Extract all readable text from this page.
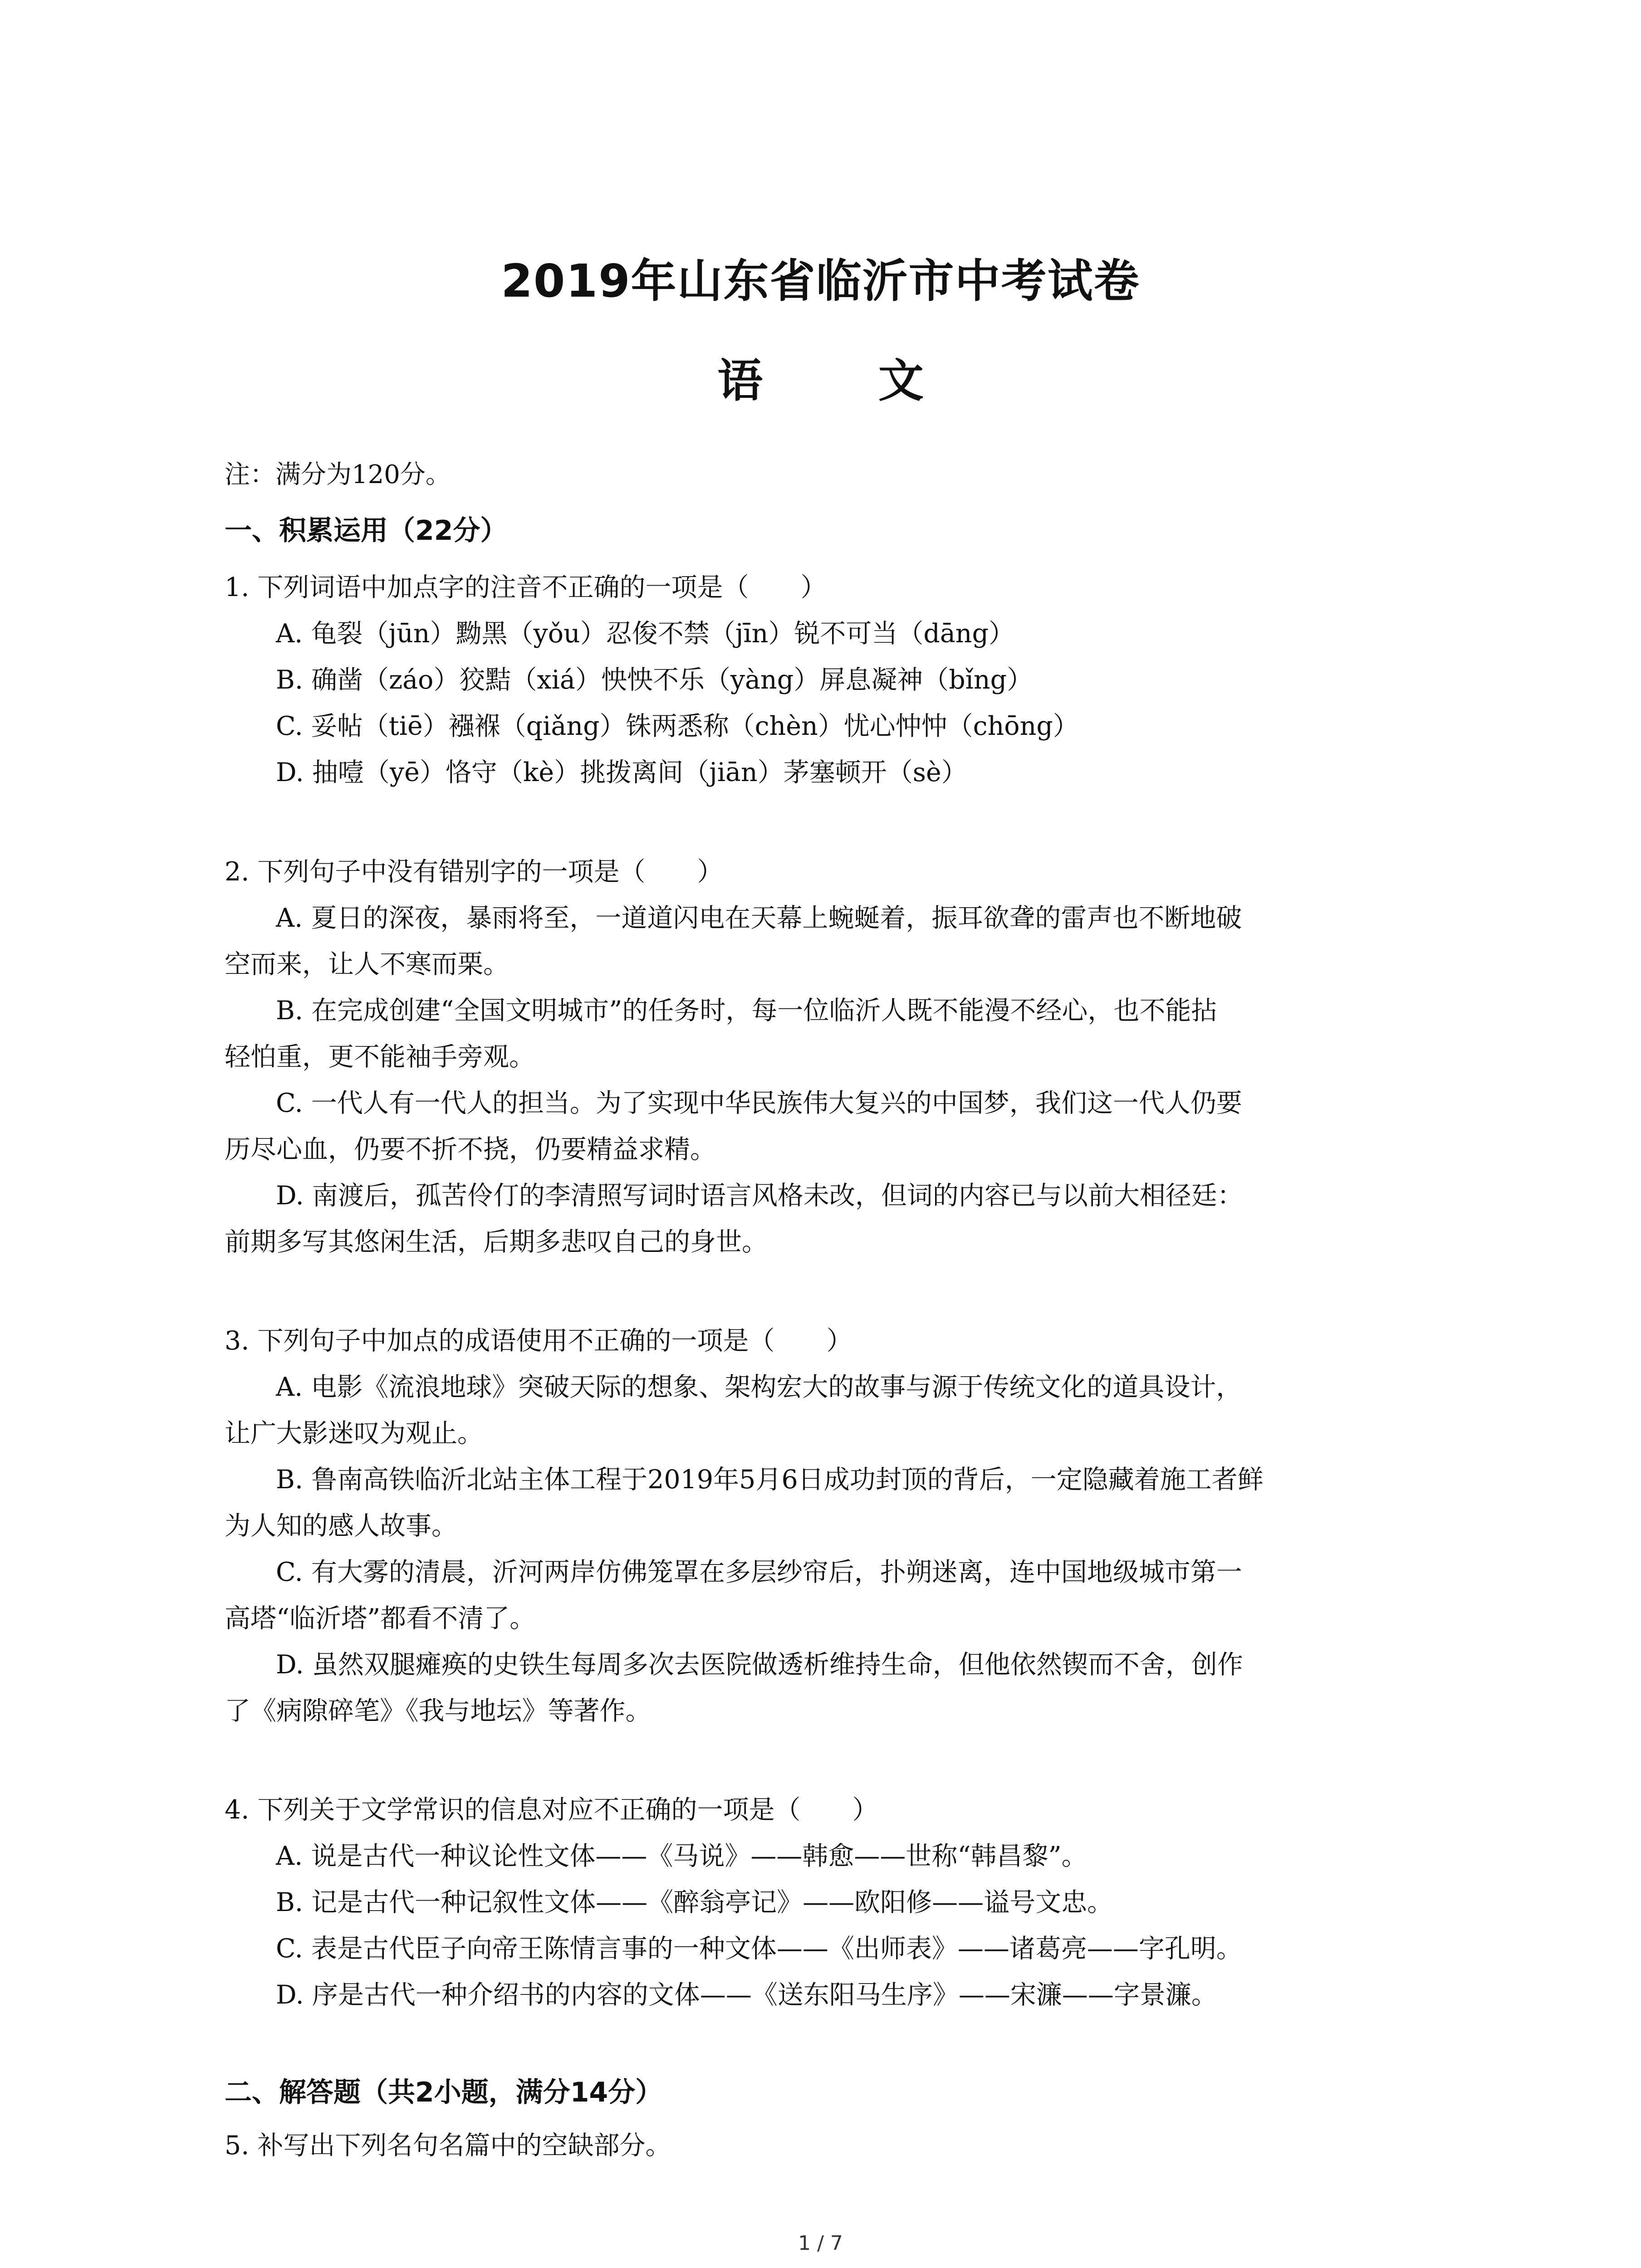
2019年山东省临沂市中考试卷
语 文
注：满分为120分。
一、积累运用（22分）
1. 下列词语中加点字的注音不正确的一项是（　　）
A. 龟裂（jūn）黝黑（yǒu）忍俊不禁（jīn）锐不可当（dāng）
B. 确凿（záo）狡黠（xiá）怏怏不乐（yàng）屏息凝神（bǐng）
C. 妥帖（tiē）襁褓（qiǎng）铢两悉称（chèn）忧心忡忡（chōng）
D. 抽噎（yē）恪守（kè）挑拨离间（jiān）茅塞顿开（sè）
2. 下列句子中没有错别字的一项是（　　）
A. 夏日的深夜，暴雨将至，一道道闪电在天幕上蜿蜒着，振耳欲聋的雷声也不断地破
空而来，让人不寒而栗。
B. 在完成创建“全国文明城市”的任务时，每一位临沂人既不能漫不经心，也不能拈
轻怕重，更不能袖手旁观。
C. 一代人有一代人的担当。为了实现中华民族伟大复兴的中国梦，我们这一代人仍要
历尽心血，仍要不折不挠，仍要精益求精。
D. 南渡后，孤苦伶仃的李清照写词时语言风格未改，但词的内容已与以前大相径廷：
前期多写其悠闲生活，后期多悲叹自己的身世。
3. 下列句子中加点的成语使用不正确的一项是（　　）
A. 电影《流浪地球》突破天际的想象、架构宏大的故事与源于传统文化的道具设计，
让广大影迷叹为观止。
B. 鲁南高铁临沂北站主体工程于2019年5月6日成功封顶的背后，一定隐藏着施工者鲜
为人知的感人故事。
C. 有大雾的清晨，沂河两岸仿佛笼罩在多层纱帘后，扑朔迷离，连中国地级城市第一
高塔“临沂塔”都看不清了。
D. 虽然双腿瘫痪的史铁生每周多次去医院做透析维持生命，但他依然锲而不舍，创作
了《病隙碎笔》《我与地坛》等著作。
4. 下列关于文学常识的信息对应不正确的一项是（　　）
A. 说是古代一种议论性文体——《马说》——韩愈——世称“韩昌黎”。
B. 记是古代一种记叙性文体——《醉翁亭记》——欧阳修——谥号文忠。
C. 表是古代臣子向帝王陈情言事的一种文体——《出师表》——诸葛亮——字孔明。
D. 序是古代一种介绍书的内容的文体——《送东阳马生序》——宋濂——字景濂。
二、解答题（共2小题，满分14分）
5. 补写出下列名句名篇中的空缺部分。
1 / 7
